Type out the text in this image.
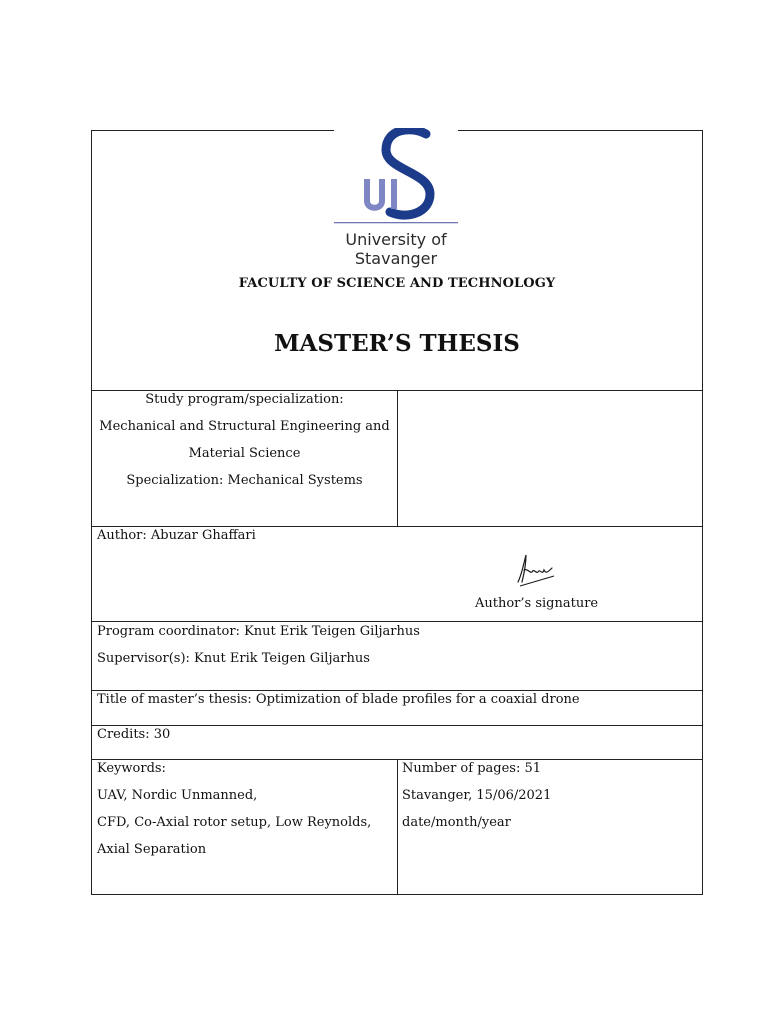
University of
Stavanger
FACULTY OF SCIENCE AND TECHNOLOGY
MASTER’S THESIS
Study program/specialization:
Mechanical and Structural Engineering and
Material Science
Specialization: Mechanical Systems
Author: Abuzar Ghaffari
Author’s signature
Program coordinator: Knut Erik Teigen Giljarhus
Supervisor(s): Knut Erik Teigen Giljarhus
Title of master’s thesis: Optimization of blade profiles for a coaxial drone
Credits: 30
Keywords:
UAV, Nordic Unmanned,
CFD, Co-Axial rotor setup, Low Reynolds,
Axial Separation
Number of pages: 51
Stavanger, 15/06/2021
date/month/year
